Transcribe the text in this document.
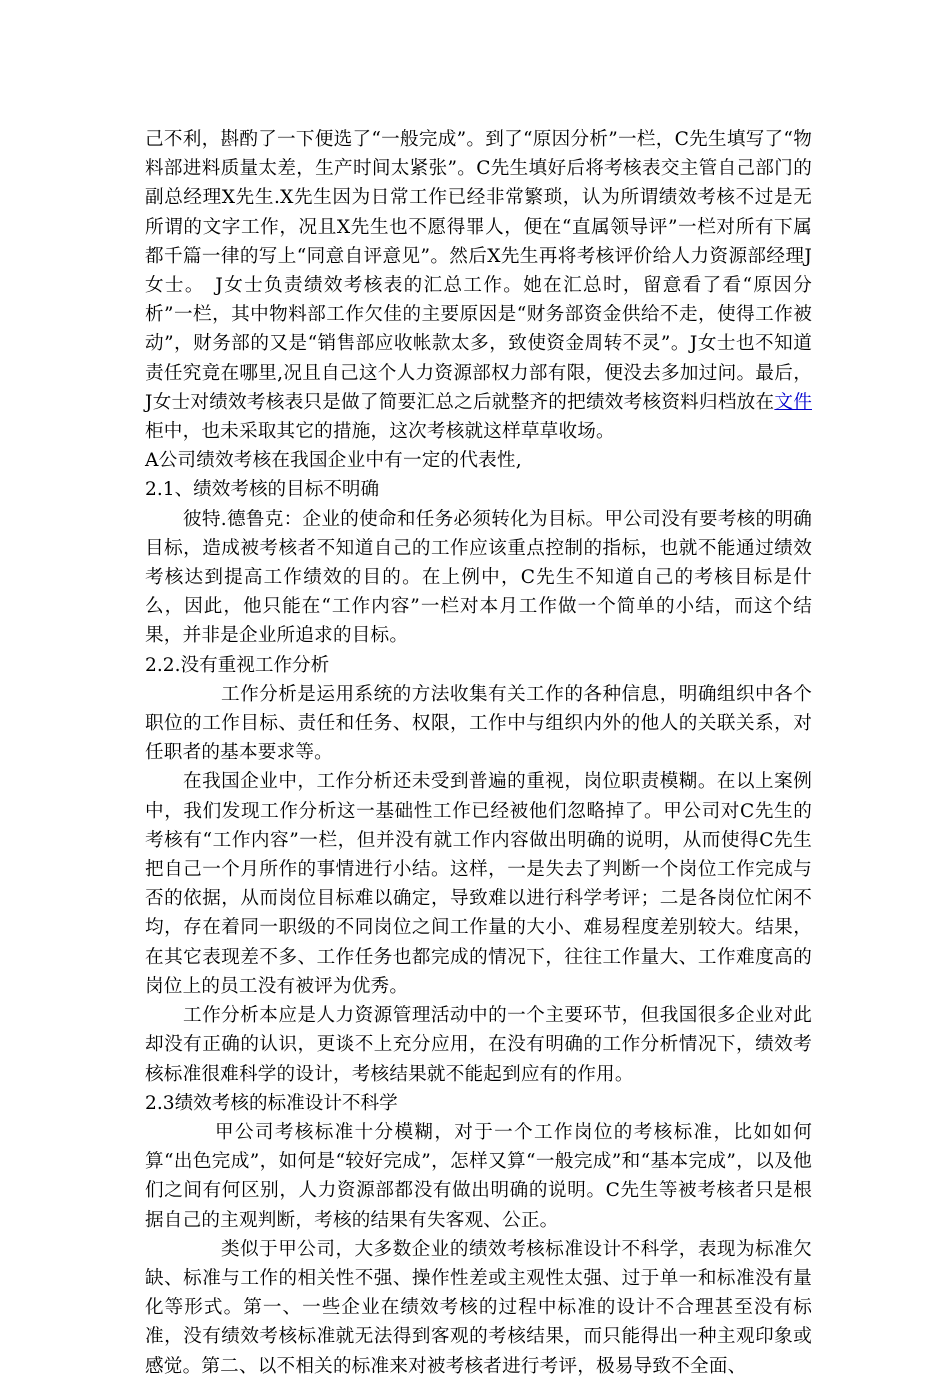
己不利，斟酌了一下便选了“一般完成”。到了“原因分析”一栏，C先生填写了“物料部进料质量太差，生产时间太紧张”。C先生填好后将考核表交主管自己部门的副总经理X先生.X先生因为日常工作已经非常繁琐，认为所谓绩效考核不过是无所谓的文字工作，况且X先生也不愿得罪人，便在“直属领导评”一栏对所有下属都千篇一律的写上“同意自评意见”。然后X先生再将考核评价给人力资源部经理J女士。　J女士负责绩效考核表的汇总工作。她在汇总时，留意看了看“原因分析”一栏，其中物料部工作欠佳的主要原因是“财务部资金供给不走，使得工作被动”，财务部的又是“销售部应收帐款太多，致使资金周转不灵”。J女士也不知道责任究竟在哪里,况且自己这个人力资源部权力部有限，便没去多加过问。最后，J女士对绩效考核表只是做了简要汇总之后就整齐的把绩效考核资料归档放在文件柜中，也未采取其它的措施，这次考核就这样草草收场。

A公司绩效考核在我国企业中有一定的代表性,

2.1、绩效考核的目标不明确

彼特.德鲁克：企业的使命和任务必须转化为目标。甲公司没有要考核的明确目标，造成被考核者不知道自己的工作应该重点控制的指标，也就不能通过绩效考核达到提高工作绩效的目的。在上例中，C先生不知道自己的考核目标是什么，因此，他只能在“工作内容”一栏对本月工作做一个简单的小结，而这个结果，并非是企业所追求的目标。

2.2.没有重视工作分析

工作分析是运用系统的方法收集有关工作的各种信息，明确组织中各个职位的工作目标、责任和任务、权限，工作中与组织内外的他人的关联关系，对任职者的基本要求等。

在我国企业中，工作分析还未受到普遍的重视，岗位职责模糊。在以上案例中，我们发现工作分析这一基础性工作已经被他们忽略掉了。甲公司对C先生的考核有“工作内容”一栏，但并没有就工作内容做出明确的说明，从而使得C先生把自己一个月所作的事情进行小结。这样，一是失去了判断一个岗位工作完成与否的依据，从而岗位目标难以确定，导致难以进行科学考评；二是各岗位忙闲不均，存在着同一职级的不同岗位之间工作量的大小、难易程度差别较大。结果，在其它表现差不多、工作任务也都完成的情况下，往往工作量大、工作难度高的岗位上的员工没有被评为优秀。

工作分析本应是人力资源管理活动中的一个主要环节，但我国很多企业对此却没有正确的认识，更谈不上充分应用，在没有明确的工作分析情况下，绩效考核标准很难科学的设计，考核结果就不能起到应有的作用。

2.3绩效考核的标准设计不科学

甲公司考核标准十分模糊，对于一个工作岗位的考核标准，比如如何算“出色完成”，如何是“较好完成”，怎样又算“一般完成”和“基本完成”，以及他们之间有何区别，人力资源部都没有做出明确的说明。C先生等被考核者只是根据自己的主观判断，考核的结果有失客观、公正。

类似于甲公司，大多数企业的绩效考核标准设计不科学，表现为标准欠缺、标准与工作的相关性不强、操作性差或主观性太强、过于单一和标准没有量化等形式。第一、一些企业在绩效考核的过程中标准的设计不合理甚至没有标准，没有绩效考核标准就无法得到客观的考核结果，而只能得出一种主观印象或感觉。第二、以不相关的标准来对被考核者进行考评，极易导致不全面、
